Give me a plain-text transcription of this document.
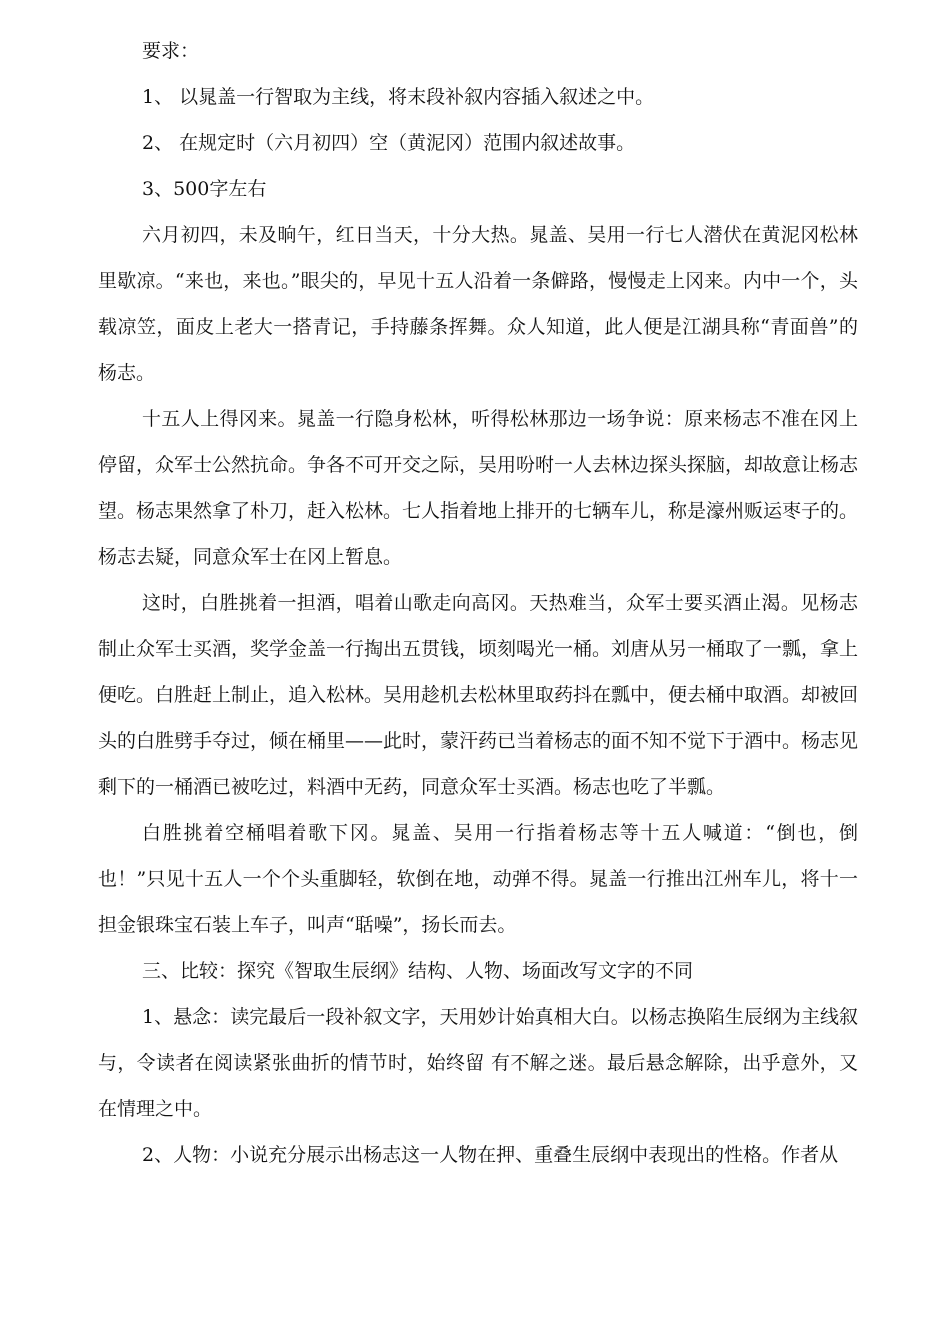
要求：

1、 以晁盖一行智取为主线，将末段补叙内容插入叙述之中。

2、 在规定时（六月初四）空（黄泥冈）范围内叙述故事。

3、500字左右

六月初四，未及晌午，红日当天，十分大热。晁盖、吴用一行七人潜伏在黄泥冈松林里歇凉。“来也，来也。”眼尖的，早见十五人沿着一条僻路，慢慢走上冈来。内中一个，头载凉笠，面皮上老大一搭青记，手持藤条挥舞。众人知道，此人便是江湖具称“青面兽”的杨志。

十五人上得冈来。晁盖一行隐身松林，听得松林那边一场争说：原来杨志不准在冈上停留，众军士公然抗命。争各不可开交之际，吴用吩咐一人去林边探头探脑，却故意让杨志望。杨志果然拿了朴刀，赶入松林。七人指着地上排开的七辆车儿，称是濠州贩运枣子的。杨志去疑，同意众军士在冈上暂息。

这时，白胜挑着一担酒，唱着山歌走向高冈。天热难当，众军士要买酒止渴。见杨志制止众军士买酒，奖学金盖一行掏出五贯钱，顷刻喝光一桶。刘唐从另一桶取了一瓢，拿上便吃。白胜赶上制止，追入松林。吴用趁机去松林里取药抖在瓢中，便去桶中取酒。却被回头的白胜劈手夺过，倾在桶里——此时，蒙汗药已当着杨志的面不知不觉下于酒中。杨志见剩下的一桶酒已被吃过，料酒中无药，同意众军士买酒。杨志也吃了半瓢。

白胜挑着空桶唱着歌下冈。晁盖、吴用一行指着杨志等十五人喊道：“倒也，倒也！”只见十五人一个个头重脚轻，软倒在地，动弹不得。晁盖一行推出江州车儿，将十一担金银珠宝石装上车子，叫声“聒噪”，扬长而去。

三、比较：探究《智取生辰纲》结构、人物、场面改写文字的不同

1、悬念：读完最后一段补叙文字，天用妙计始真相大白。以杨志换陷生辰纲为主线叙与，令读者在阅读紧张曲折的情节时，始终留 有不解之迷。最后悬念解除，出乎意外，又在情理之中。

2、人物：小说充分展示出杨志这一人物在押、重叠生辰纲中表现出的性格。作者从
